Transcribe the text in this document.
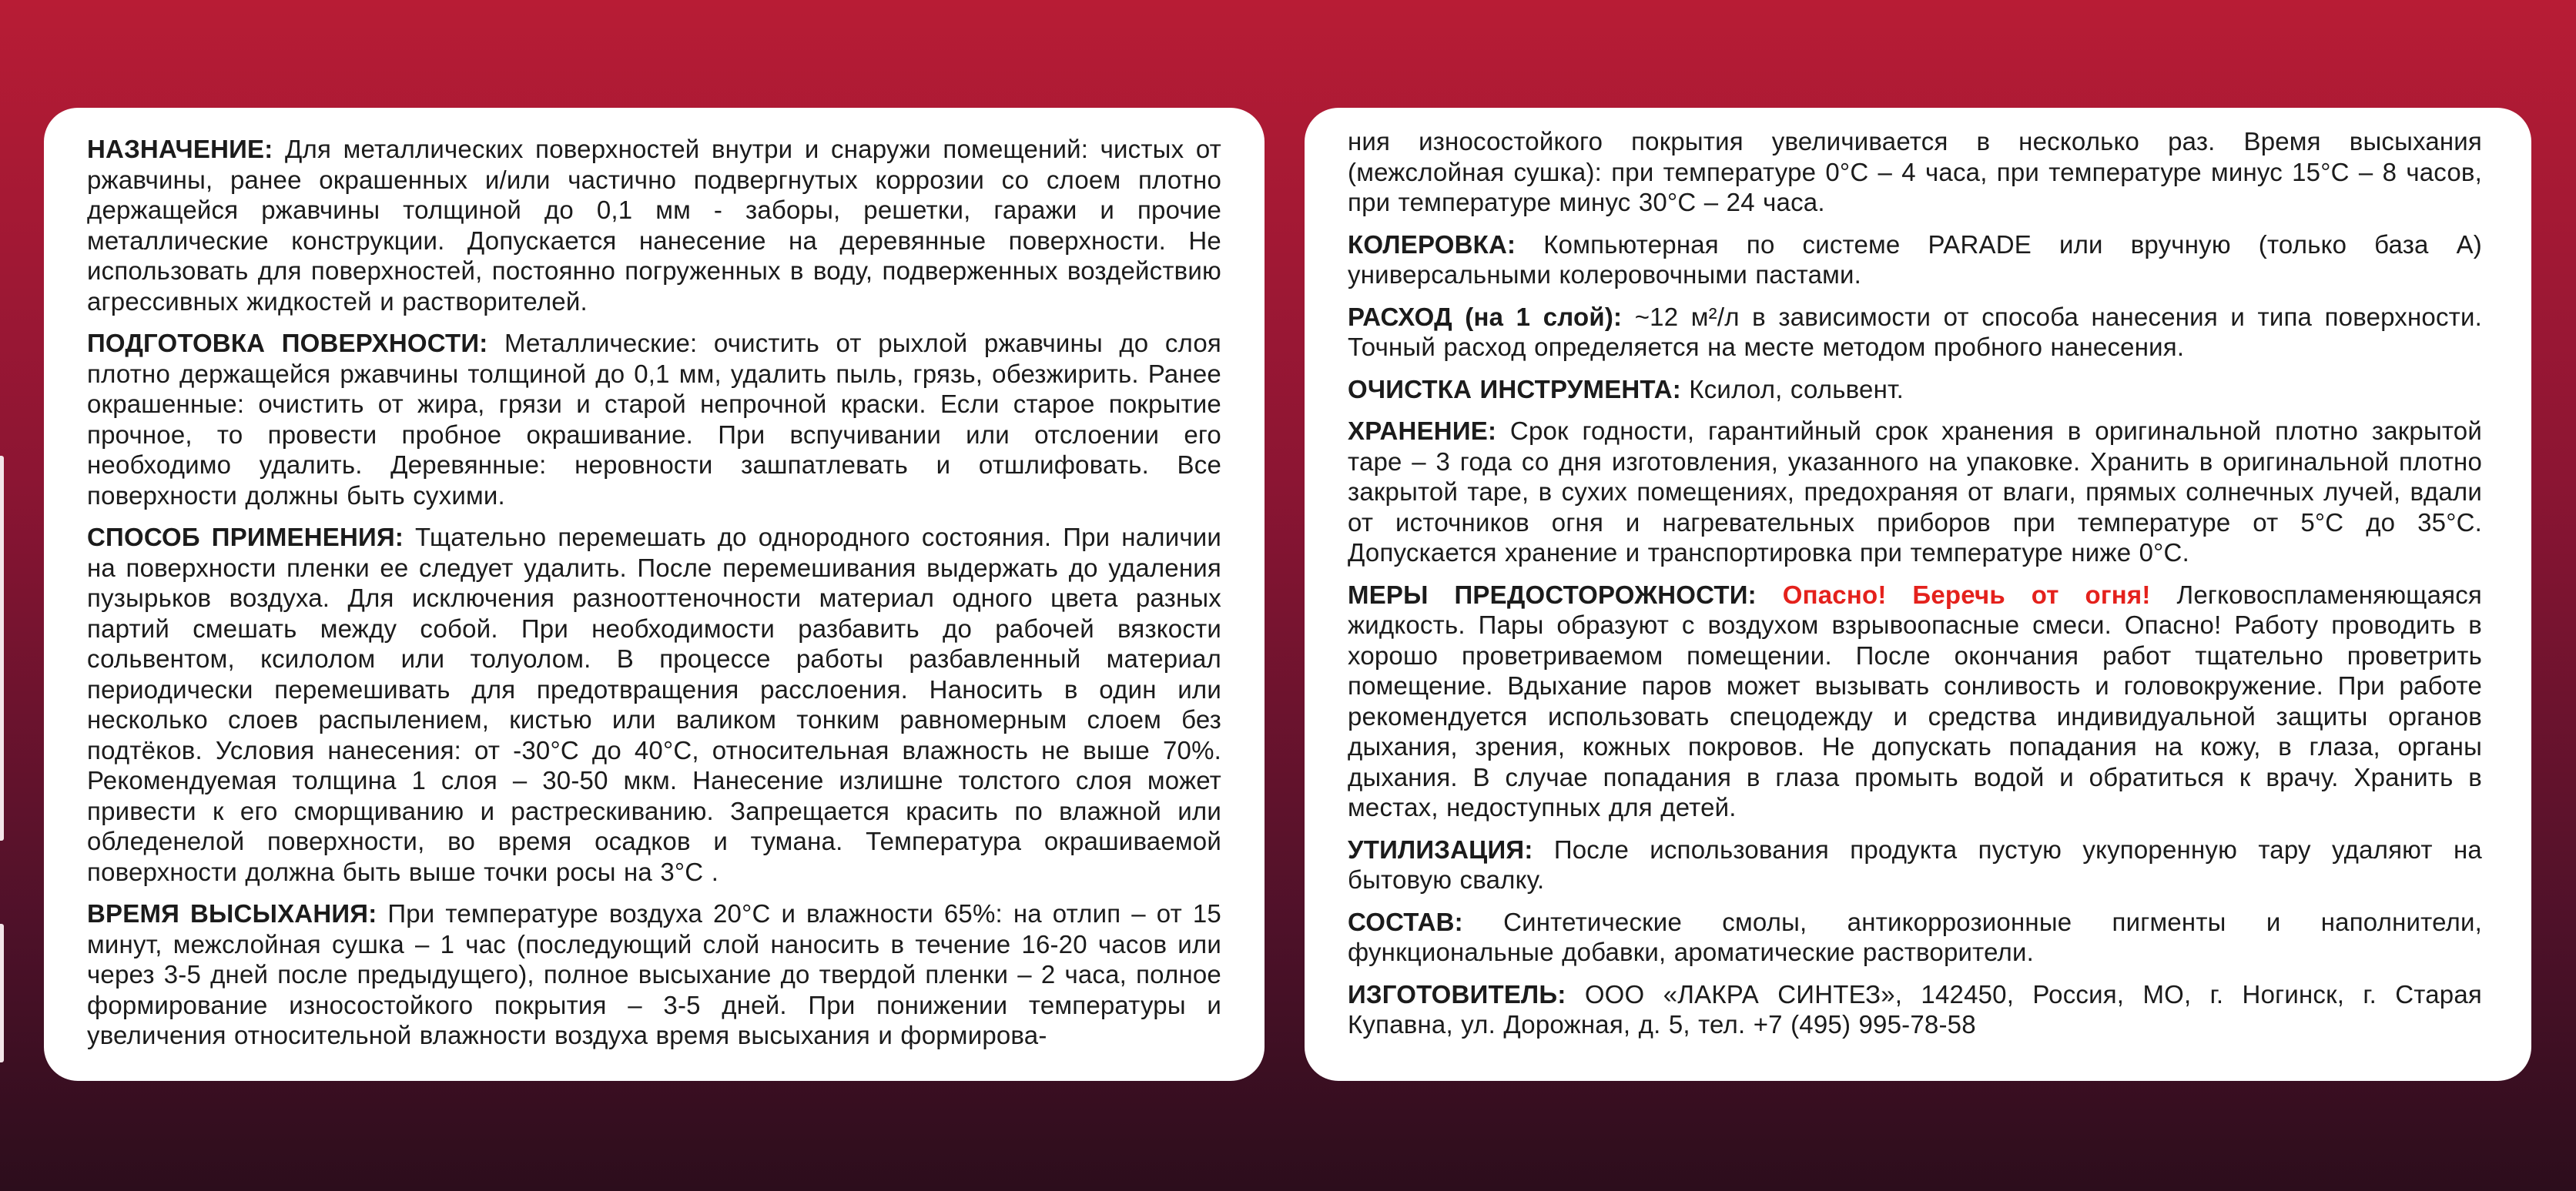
НАЗНАЧЕНИЕ: Для металлических поверхностей внутри и снаружи помещений: чистых от ржавчины, ранее окрашенных и/или частично подвергнутых коррозии со слоем плотно держащейся ржавчины толщиной до 0,1 мм - заборы, решетки, гаражи и прочие металлические конструкции. Допускается нанесение на деревянные поверхности. Не использовать для поверхностей, постоянно погруженных в воду, подверженных воздействию агрессивных жидкостей и растворителей.

ПОДГОТОВКА ПОВЕРХНОСТИ: Металлические: очистить от рыхлой ржавчины до слоя плотно держащейся ржавчины толщиной до 0,1 мм, удалить пыль, грязь, обезжирить. Ранее окрашенные: очистить от жира, грязи и старой непрочной краски. Если старое покрытие прочное, то провести пробное окрашивание. При вспучивании или отслоении его необходимо удалить. Деревянные: неровности зашпатлевать и отшлифовать. Все поверхности должны быть сухими.

СПОСОБ ПРИМЕНЕНИЯ: Тщательно перемешать до однородного состояния. При наличии на поверхности пленки ее следует удалить. После перемешивания выдержать до удаления пузырьков воздуха. Для исключения разнооттеночности материал одного цвета разных партий смешать между собой. При необходимости разбавить до рабочей вязкости сольвентом, ксилолом или толуолом. В процессе работы разбавленный материал периодически перемешивать для предотвращения расслоения. Наносить в один или несколько слоев распылением, кистью или валиком тонким равномерным слоем без подтёков. Условия нанесения: от -30°C до 40°C, относительная влажность не выше 70%. Рекомендуемая толщина 1 слоя – 30-50 мкм. Нанесение излишне толстого слоя может привести к его сморщиванию и растрескиванию. Запрещается красить по влажной или обледенелой поверхности, во время осадков и тумана. Температура окрашиваемой поверхности должна быть выше точки росы на 3°C .

ВРЕМЯ ВЫСЫХАНИЯ: При температуре воздуха 20°C и влажности 65%: на отлип – от 15 минут, межслойная сушка – 1 час (последующий слой наносить в течение 16-20 часов или через 3-5 дней после предыдущего), полное высыхание до твердой пленки – 2 часа, полное формирование износостойкого покрытия – 3-5 дней. При понижении температуры и увеличения относительной влажности воздуха время высыхания и формирова-

ния износостойкого покрытия увеличивается в несколько раз. Время высыхания (межслойная сушка): при температуре 0°C – 4 часа, при температуре минус 15°C – 8 часов, при температуре минус 30°C – 24 часа.

КОЛЕРОВКА: Компьютерная по системе PARADE или вручную (только база А) универсальными колеровочными пастами.

РАСХОД (на 1 слой): ~12 м²/л в зависимости от способа нанесения и типа поверхности. Точный расход определяется на месте методом пробного нанесения.

ОЧИСТКА ИНСТРУМЕНТА: Ксилол, сольвент.

ХРАНЕНИЕ: Срок годности, гарантийный срок хранения в оригинальной плотно закрытой таре – 3 года со дня изготовления, указанного на упаковке. Хранить в оригинальной плотно закрытой таре, в сухих помещениях, предохраняя от влаги, прямых солнечных лучей, вдали от источников огня и нагревательных приборов при температуре от 5°C до 35°C. Допускается хранение и транспортировка при температуре ниже 0°C.

МЕРЫ ПРЕДОСТОРОЖНОСТИ: Опасно! Беречь от огня! Легковоспламеняющаяся жидкость. Пары образуют с воздухом взрывоопасные смеси. Опасно! Работу проводить в хорошо проветриваемом помещении. После окончания работ тщательно проветрить помещение. Вдыхание паров может вызывать сонливость и головокружение. При работе рекомендуется использовать спецодежду и средства индивидуальной защиты органов дыхания, зрения, кожных покровов. Не допускать попадания на кожу, в глаза, органы дыхания. В случае попадания в глаза промыть водой и обратиться к врачу. Хранить в местах, недоступных для детей.

УТИЛИЗАЦИЯ: После использования продукта пустую укупоренную тару удаляют на бытовую свалку.

СОСТАВ: Синтетические смолы, антикоррозионные пигменты и наполнители, функциональные добавки, ароматические растворители.

ИЗГОТОВИТЕЛЬ: ООО «ЛАКРА СИНТЕЗ», 142450, Россия, МО, г. Ногинск, г. Старая Купавна, ул. Дорожная, д. 5, тел. +7 (495) 995-78-58
